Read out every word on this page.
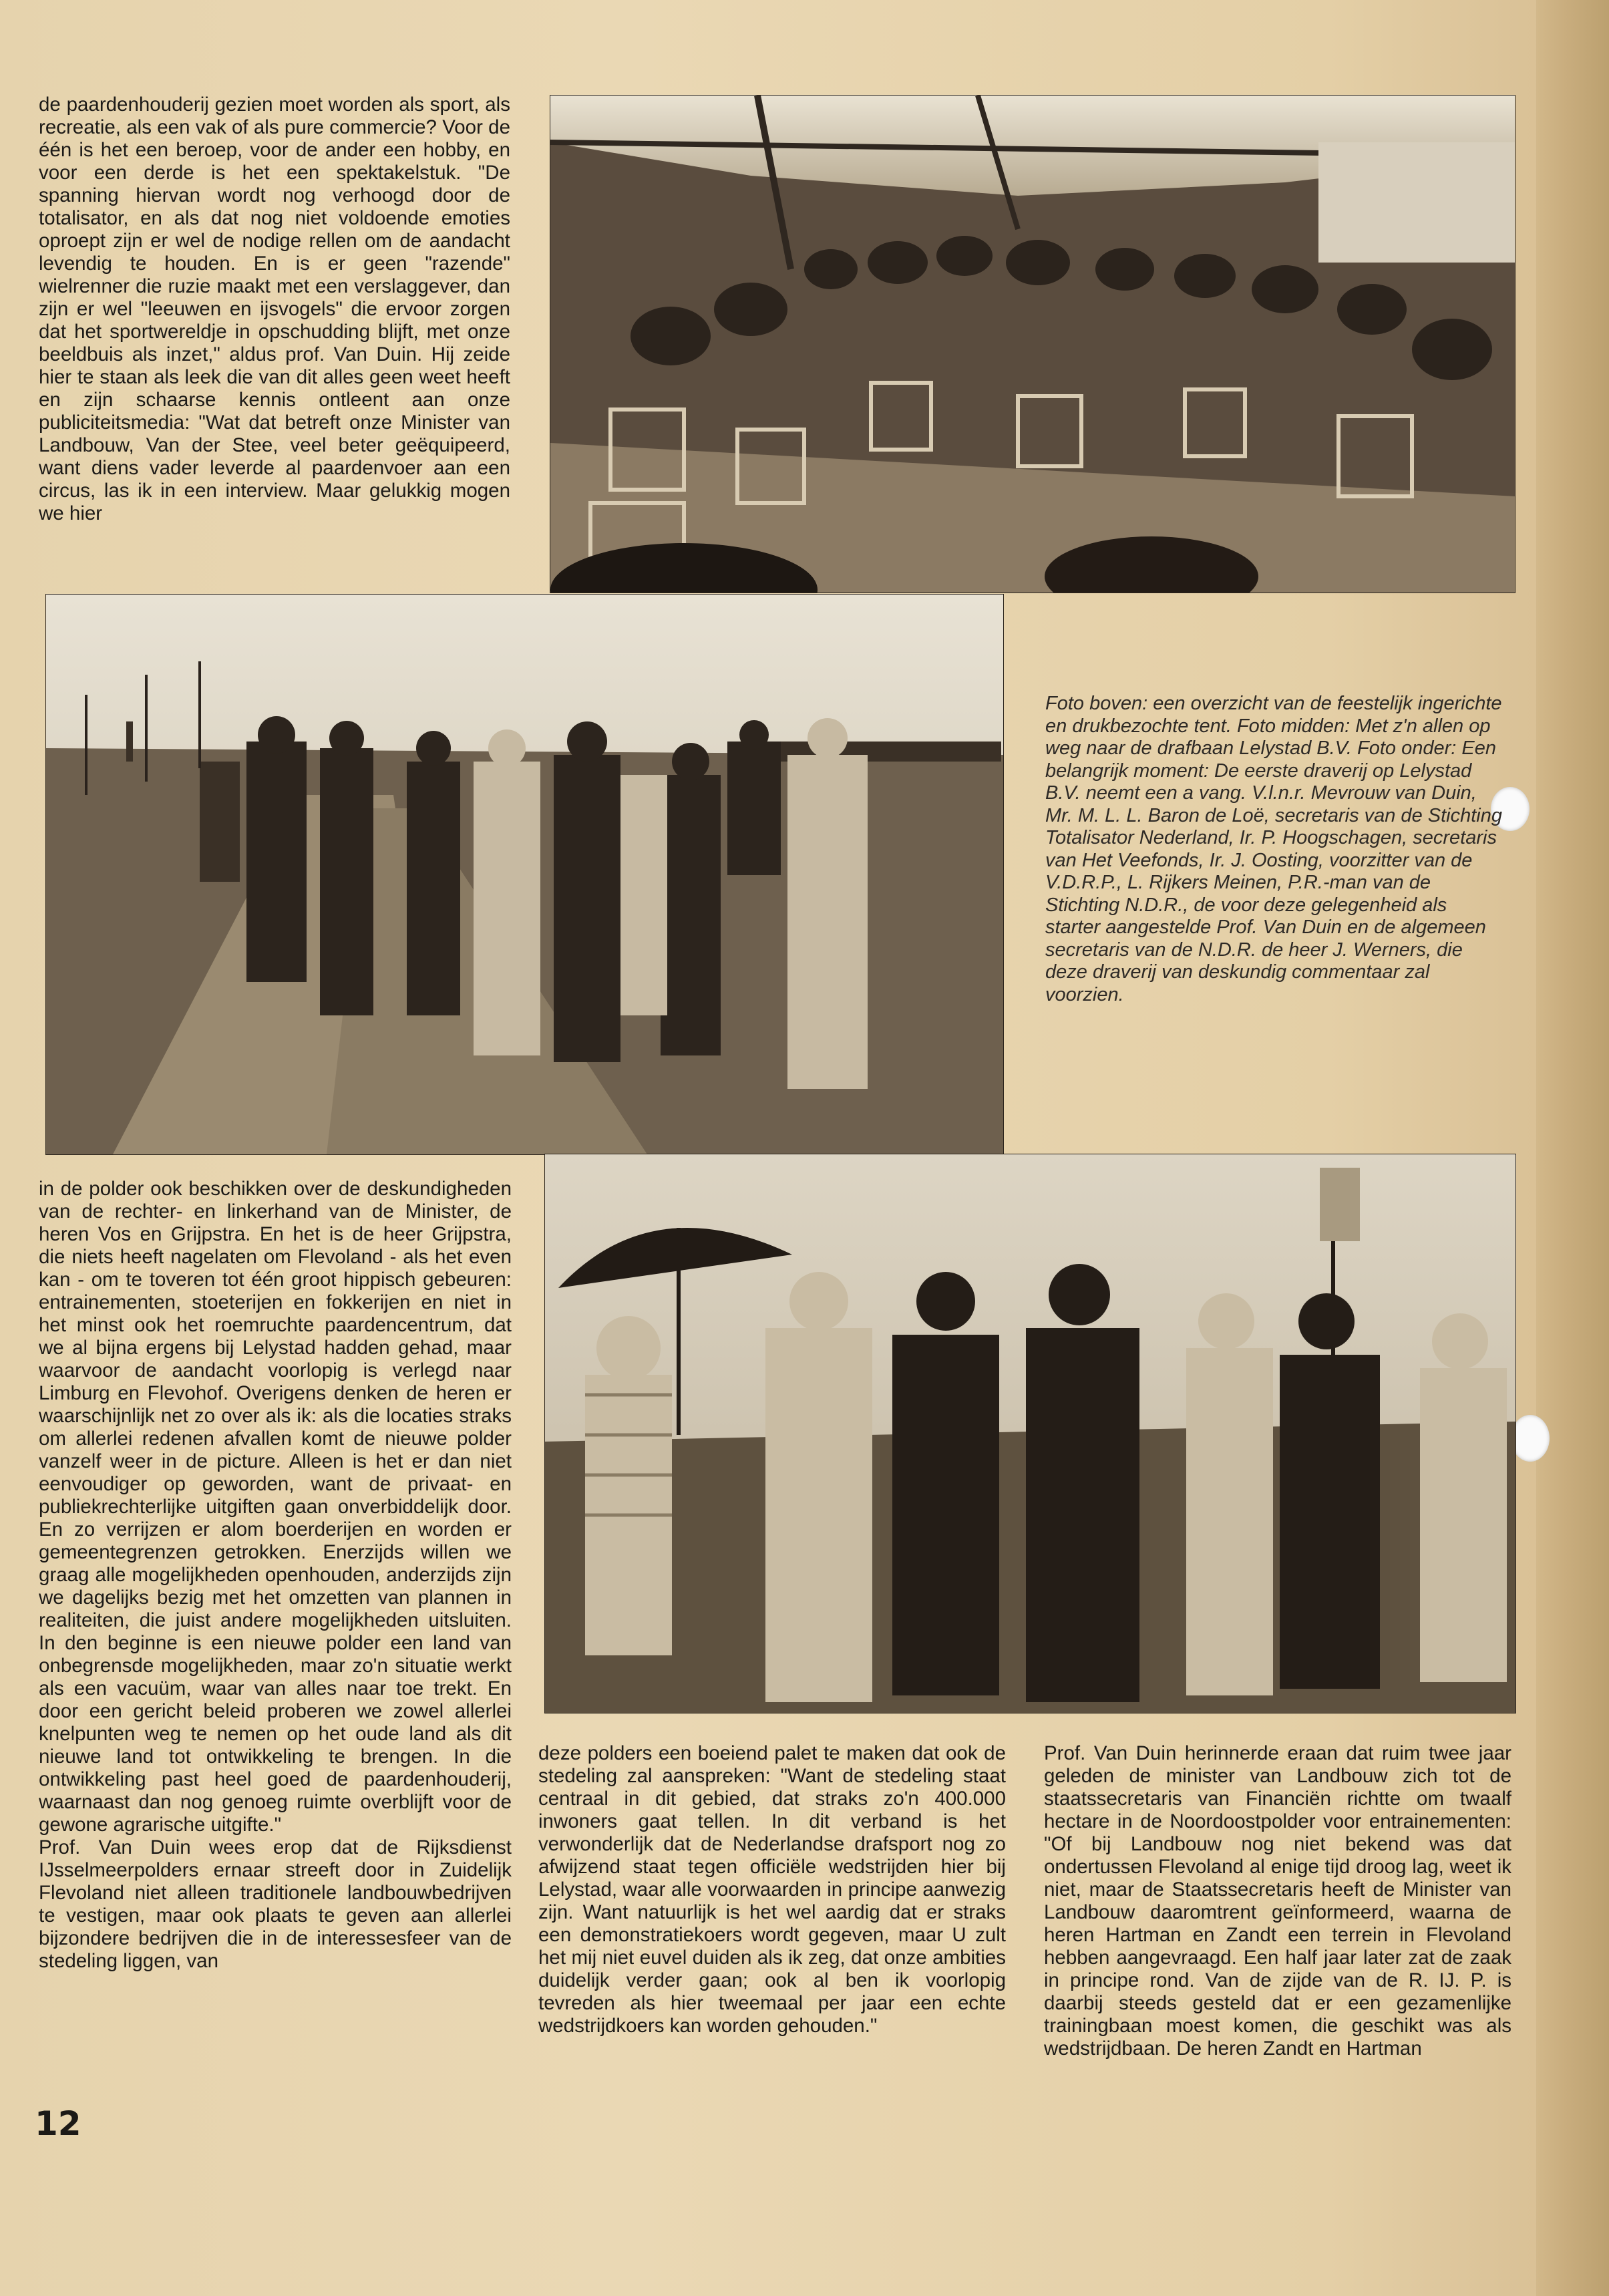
de paardenhouderij gezien moet worden als sport, als recreatie, als een vak of als pure commercie? Voor de één is het een beroep, voor de ander een hobby, en voor een derde is het een spektakelstuk. "De spanning hiervan wordt nog verhoogd door de totalisator, en als dat nog niet voldoende emoties oproept zijn er wel de nodige rellen om de aandacht levendig te houden. En is er geen "razende" wielrenner die ruzie maakt met een verslaggever, dan zijn er wel "leeuwen en ijsvogels" die ervoor zorgen dat het sportwereldje in opschudding blijft, met onze beeldbuis als inzet," aldus prof. Van Duin. Hij zeide hier te staan als leek die van dit alles geen weet heeft en zijn schaarse kennis ontleent aan onze publiciteitsmedia: "Wat dat betreft onze Minister van Landbouw, Van der Stee, veel beter geëquipeerd, want diens vader leverde al paardenvoer aan een circus, las ik in een interview. Maar gelukkig mogen we hier

Foto boven: een overzicht van de feestelijk ingerichte en drukbezochte tent. Foto midden: Met z'n allen op weg naar de drafbaan Lelystad B.V. Foto onder: Een belangrijk moment: De eerste draverij op Lelystad B.V. neemt een a vang. V.l.n.r. Mevrouw van Duin, Mr. M. L. L. Baron de Loë, secretaris van de Stichting Totalisator Nederland, Ir. P. Hoogschagen, secretaris van Het Veefonds, Ir. J. Oosting, voorzitter van de V.D.R.P., L. Rijkers Meinen, P.R.-man van de Stichting N.D.R., de voor deze gelegenheid als starter aangestelde Prof. Van Duin en de algemeen secretaris van de N.D.R. de heer J. Werners, die deze draverij van deskundig commentaar zal voorzien.

in de polder ook beschikken over de deskundigheden van de rechter- en linkerhand van de Minister, de heren Vos en Grijpstra. En het is de heer Grijpstra, die niets heeft nagelaten om Flevoland - als het even kan - om te toveren tot één groot hippisch gebeuren: entrainementen, stoeterijen en fokkerijen en niet in het minst ook het roemruchte paardencentrum, dat we al bijna ergens bij Lelystad hadden gehad, maar waarvoor de aandacht voorlopig is verlegd naar Limburg en Flevohof. Overigens denken de heren er waarschijnlijk net zo over als ik: als die locaties straks om allerlei redenen afvallen komt de nieuwe polder vanzelf weer in de picture. Alleen is het er dan niet eenvoudiger op geworden, want de privaat- en publiekrechterlijke uitgiften gaan onverbiddelijk door. En zo verrijzen er alom boerderijen en worden er gemeentegrenzen getrokken. Enerzijds willen we graag alle mogelijkheden openhouden, anderzijds zijn we dagelijks bezig met het omzetten van plannen in realiteiten, die juist andere mogelijkheden uitsluiten. In den beginne is een nieuwe polder een land van onbegrensde mogelijkheden, maar zo'n situatie werkt als een vacuüm, waar van alles naar toe trekt. En door een gericht beleid proberen we zowel allerlei knelpunten weg te nemen op het oude land als dit nieuwe land tot ontwikkeling te brengen. In die ontwikkeling past heel goed de paardenhouderij, waarnaast dan nog genoeg ruimte overblijft voor de gewone agrarische uitgifte."
Prof. Van Duin wees erop dat de Rijksdienst IJsselmeerpolders ernaar streeft door in Zuidelijk Flevoland niet alleen traditionele landbouwbedrijven te vestigen, maar ook plaats te geven aan allerlei bijzondere bedrijven die in de interessesfeer van de stedeling liggen, van

deze polders een boeiend palet te maken dat ook de stedeling zal aanspreken: "Want de stedeling staat centraal in dit gebied, dat straks zo'n 400.000 inwoners gaat tellen. In dit verband is het verwonderlijk dat de Nederlandse drafsport nog zo afwijzend staat tegen officiële wedstrijden hier bij Lelystad, waar alle voorwaarden in principe aanwezig zijn. Want natuurlijk is het wel aardig dat er straks een demonstratiekoers wordt gegeven, maar U zult het mij niet euvel duiden als ik zeg, dat onze ambities duidelijk verder gaan; ook al ben ik voorlopig tevreden als hier tweemaal per jaar een echte wedstrijdkoers kan worden gehouden."

Prof. Van Duin herinnerde eraan dat ruim twee jaar geleden de minister van Landbouw zich tot de staatssecretaris van Financiën richtte om twaalf hectare in de Noordoostpolder voor entrainementen: "Of bij Landbouw nog niet bekend was dat ondertussen Flevoland al enige tijd droog lag, weet ik niet, maar de Staatssecretaris heeft de Minister van Landbouw daaromtrent geïnformeerd, waarna de heren Hartman en Zandt een terrein in Flevoland hebben aangevraagd. Een half jaar later zat de zaak in principe rond. Van de zijde van de R. IJ. P. is daarbij steeds gesteld dat er een gezamenlijke trainingbaan moest komen, die geschikt was als wedstrijdbaan. De heren Zandt en Hartman

12
